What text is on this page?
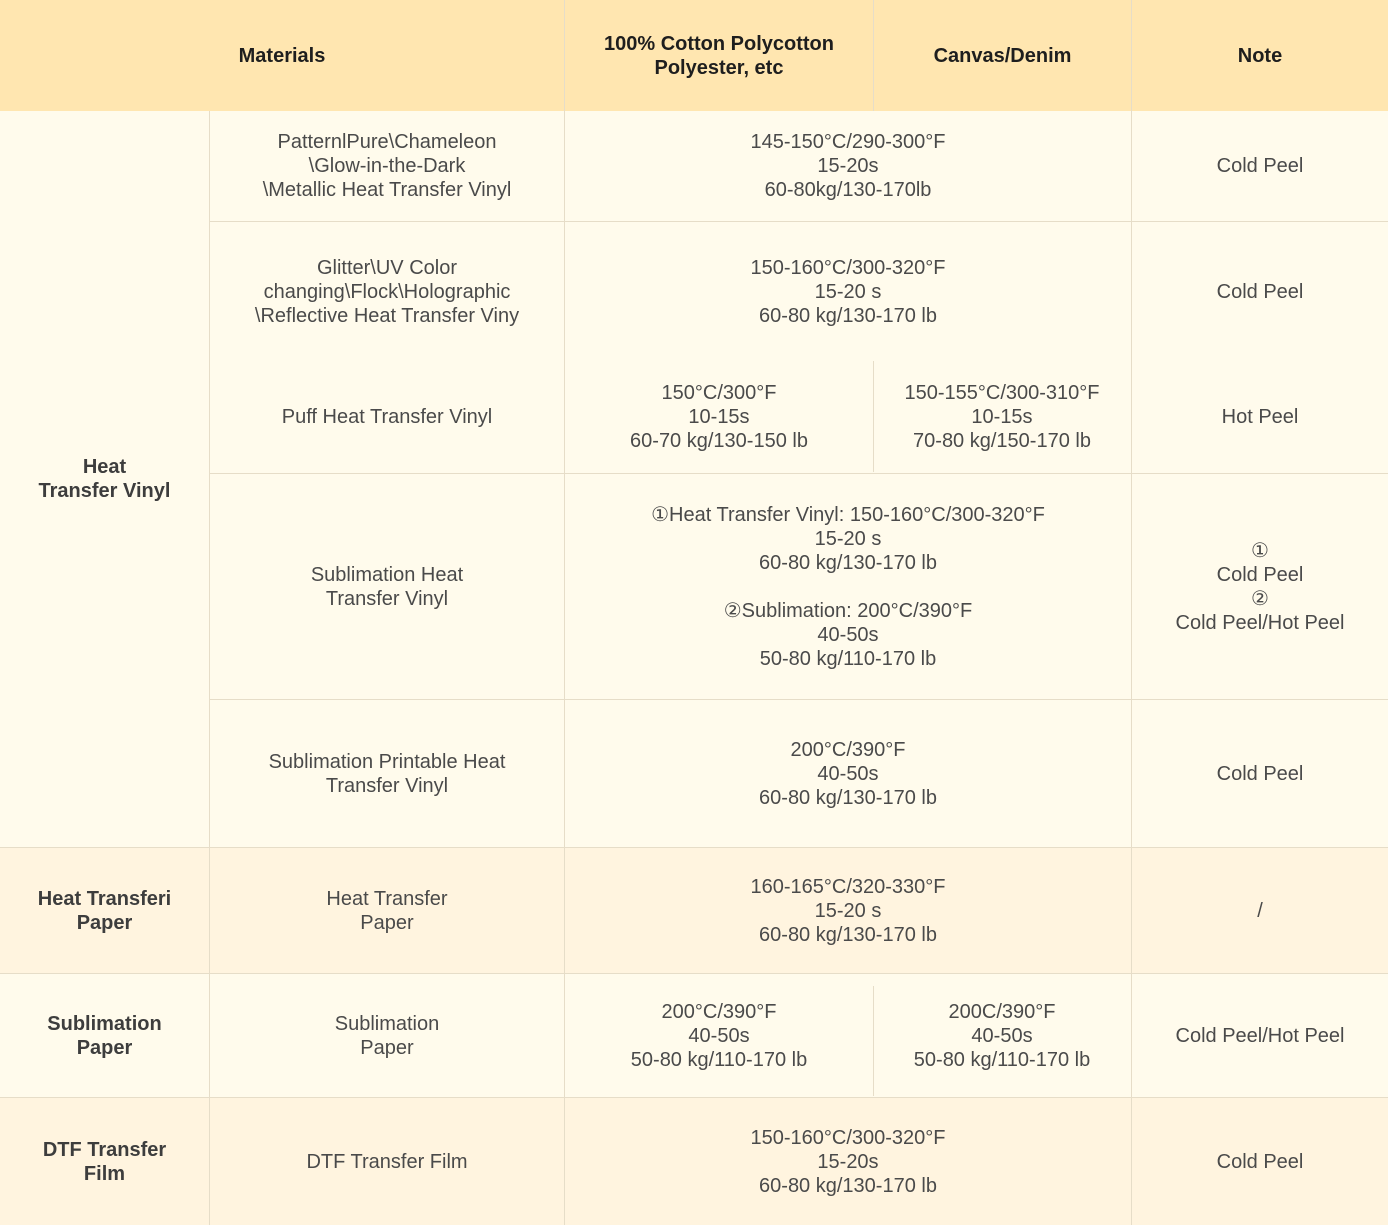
Materials
100% Cotton Polycotton
Polyester, etc
Canvas/Denim	Note
Heat
Transfer Vinyl
PatternlPure\Chameleon
\Glow-in-the-Dark
\Metallic Heat Transfer Vinyl
145-150°C/290-300°F
15-20s
60-80kg/130-170lb
Cold Peel
Glitter\UV Color
changing\Flock\Holographic
\Reflective Heat Transfer Viny
150-160°C/300-320°F
15-20 s
60-80 kg/130-170 lb
Cold Peel
Puff Heat Transfer Vinyl
150°C/300°F
10-15s
60-70 kg/130-150 lb
150-155°C/300-310°F
10-15s
70-80 kg/150-170 lb
Hot Peel
Sublimation Heat
Transfer Vinyl
①Heat Transfer Vinyl: 150-160°C/300-320°F
15-20 s
60-80 kg/130-170 lb

②Sublimation: 200°C/390°F
40-50s
50-80 kg/110-170 lb
①
Cold Peel
②
Cold Peel/Hot Peel
Sublimation Printable Heat
Transfer Vinyl
200°C/390°F
40-50s
60-80 kg/130-170 lb
Cold Peel
Heat Transferi
Paper
Heat Transfer
Paper
160-165°C/320-330°F
15-20 s
60-80 kg/130-170 lb
/
Sublimation
Paper
Sublimation
Paper
200°C/390°F
40-50s
50-80 kg/110-170 lb
200C/390°F
40-50s
50-80 kg/110-170 lb
Cold Peel/Hot Peel
DTF Transfer
Film
DTF Transfer Film
150-160°C/300-320°F
15-20s
60-80 kg/130-170 lb
Cold Peel
